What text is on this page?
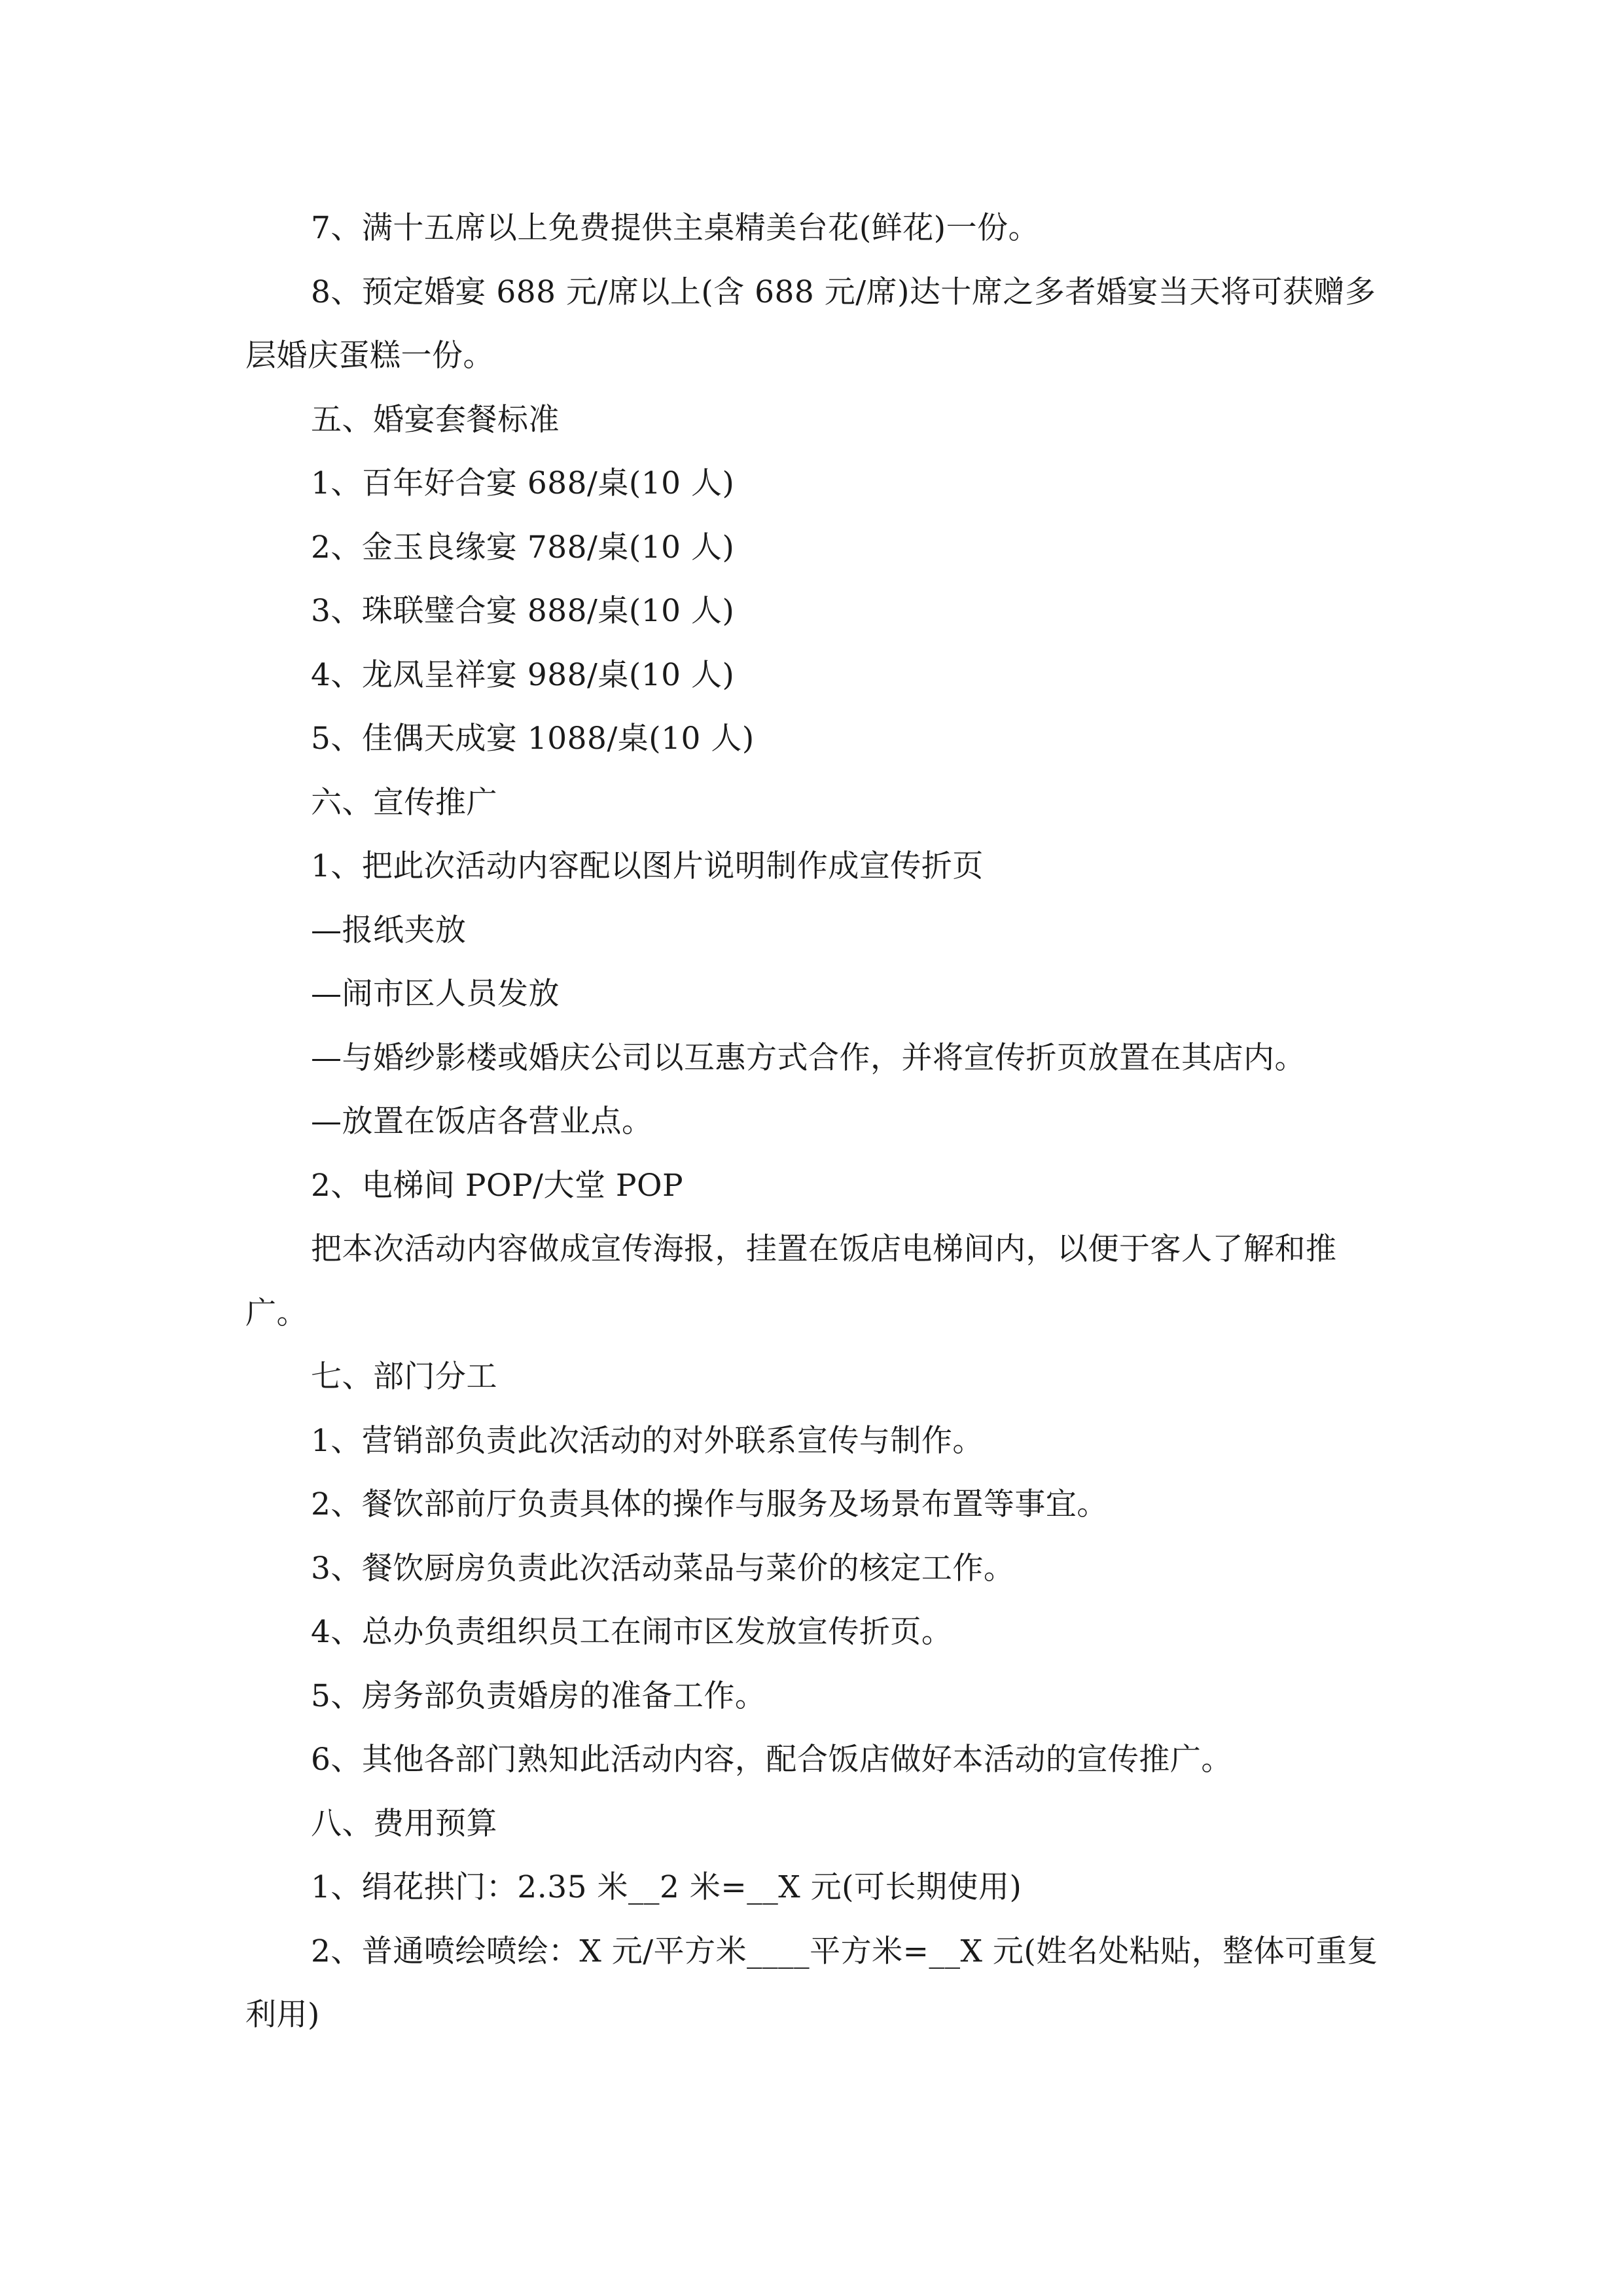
7、满十五席以上免费提供主桌精美台花(鲜花)一份。

8、预定婚宴 688 元/席以上(含 688 元/席)达十席之多者婚宴当天将可获赠多层婚庆蛋糕一份。

五、婚宴套餐标准

1、百年好合宴 688/桌(10 人)

2、金玉良缘宴 788/桌(10 人)

3、珠联璧合宴 888/桌(10 人)

4、龙凤呈祥宴 988/桌(10 人)

5、佳偶天成宴 1088/桌(10 人)

六、宣传推广

1、把此次活动内容配以图片说明制作成宣传折页

—报纸夹放

—闹市区人员发放

—与婚纱影楼或婚庆公司以互惠方式合作，并将宣传折页放置在其店内。

—放置在饭店各营业点。

2、电梯间 POP/大堂 POP

把本次活动内容做成宣传海报，挂置在饭店电梯间内，以便于客人了解和推广。

七、部门分工

1、营销部负责此次活动的对外联系宣传与制作。

2、餐饮部前厅负责具体的操作与服务及场景布置等事宜。

3、餐饮厨房负责此次活动菜品与菜价的核定工作。

4、总办负责组织员工在闹市区发放宣传折页。

5、房务部负责婚房的准备工作。

6、其他各部门熟知此活动内容，配合饭店做好本活动的宣传推广。

八、费用预算

1、绢花拱门：2.35 米__2 米=__X 元(可长期使用)

2、普通喷绘喷绘：X 元/平方米____平方米=__X 元(姓名处粘贴，整体可重复利用)
